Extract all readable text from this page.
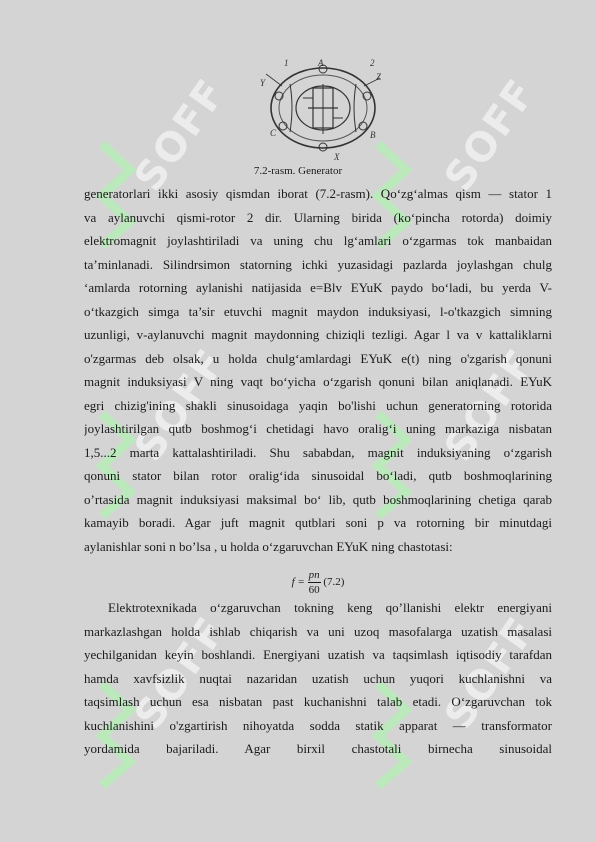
SOFF	SOFF
SOFF	SOFF
SOFF	SOFF
1
Y
2
C	B
Z
A
X
7.2-rasm. Generator
generatorlari ikki asosiy qismdan iborat (7.2-rasm). Qo‘zg‘almas qism — stator 1
va aylanuvchi qismi-rotor 2 dir. Ularning birida (ko‘pincha rotorda) doimiy
elektromagnit joylashtiriladi va uning chu lg‘amlari o‘zgarmas tok manbaidan
ta’minlanadi. Silindrsimon statorning ichki yuzasidagi pazlarda joylashgan chulg
‘amlarda rotorning aylanishi natijasida e=Blv EYuK paydo bo‘ladi, bu yerda V-
o‘tkazgich simga ta’sir etuvchi magnit maydon induksiyasi, l-o'tkazgich simning
uzunligi, v-aylanuvchi magnit maydonning chiziqli tezligi. Agar l va v kattaliklarni
o'zgarmas deb olsak, u holda chulg‘amlardagi EYuK e(t) ning o'zgarish qonuni
magnit induksiyasi V ning vaqt bo‘yicha o‘zgarish qonuni bilan aniqlanadi. EYuK
egri chizig'ining shakli sinusoidaga yaqin bo'lishi uchun generatorning rotorida
joylashtirilgan qutb boshmog‘i chetidagi havo oralig‘i uning markaziga nisbatan
1,5...2 marta kattalashtiriladi. Shu sababdan, magnit induksiyaning o‘zgarish
qonuni stator bilan rotor oralig‘ida sinusoidal bo‘ladi, qutb boshmoqlarining
o’rtasida magnit induksiyasi maksimal bo‘ lib, qutb boshmoqlarining chetiga qarab
kamayib boradi. Agar juft magnit qutblari soni p va rotorning bir minutdagi
aylanishlar soni n bo’lsa , u holda o‘zgaruvchan EYuK ning chastotasi:
$f = \frac{pn}{60} (7.2)$
Elektrotexnikada o‘zgaruvchan tokning keng qo’llanishi elektr energiyani
markazlashgan holda ishlab chiqarish va uni uzoq masofalarga uzatish masalasi
yechilganidan keyin boshlandi. Energiyani uzatish va taqsimlash iqtisodiy tarafdan
hamda xavfsizlik nuqtai nazaridan uzatish uchun yuqori kuchlanishni va
taqsimlash uchun esa nisbatan past kuchanishni talab etadi. O‘zgaruvchan tok
kuchlanishini o'zgartirish nihoyatda sodda statik apparat — transformator
yordamida bajariladi. Agar birxil chastotali birnecha sinusoidal
